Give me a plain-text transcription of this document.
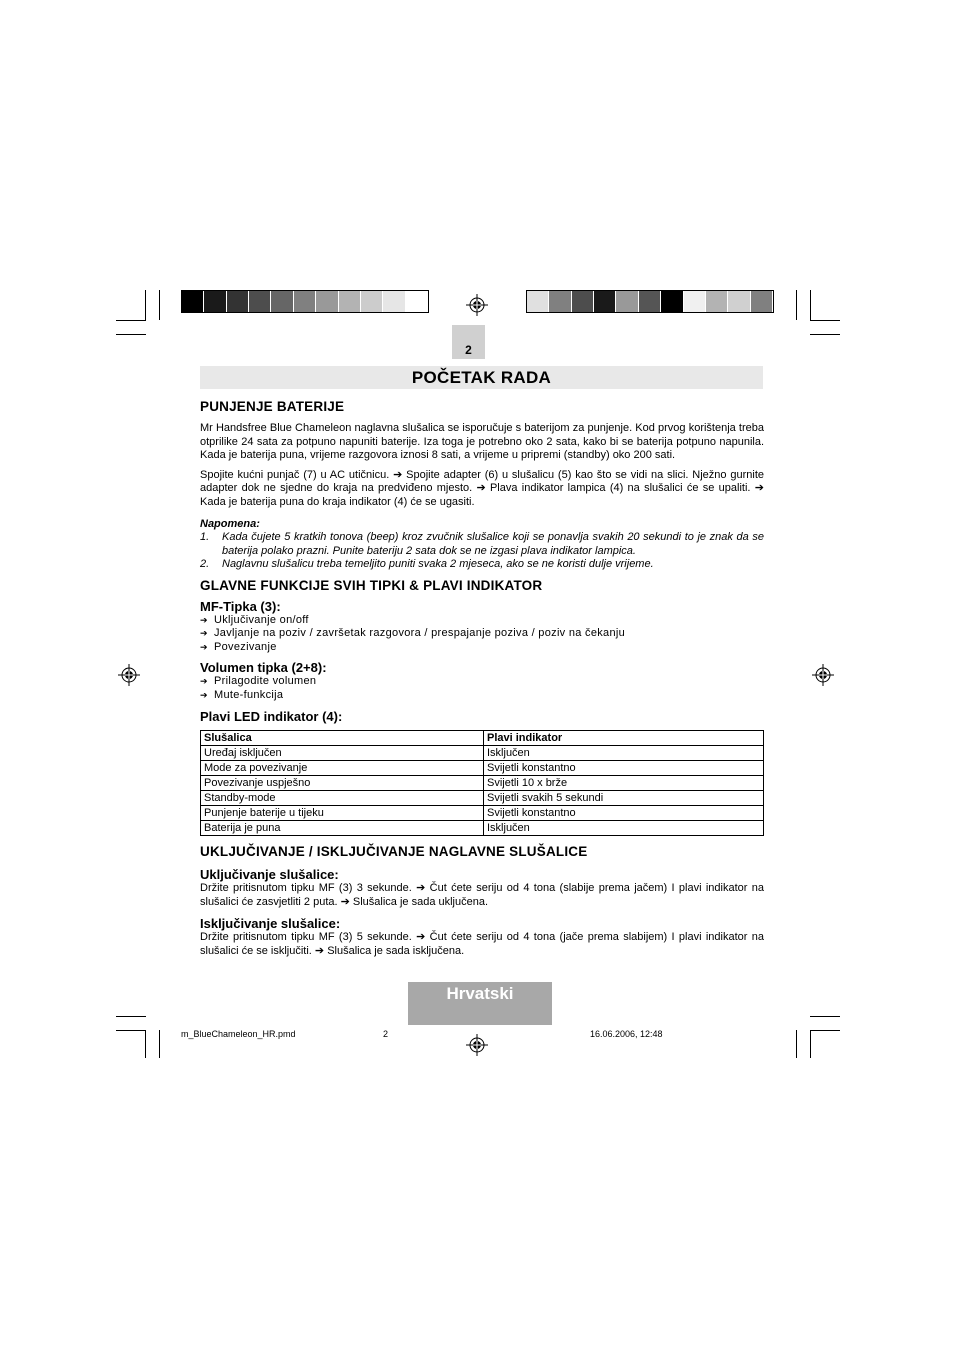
2
POČETAK RADA
PUNJENJE BATERIJE

Mr Handsfree Blue Chameleon naglavna slušalica se isporučuje s baterijom za punjenje. Kod prvog korištenja treba otprilike 24 sata za potpuno napuniti baterije. Iza toga je potrebno oko 2 sata, kako bi se baterija potpuno napunila. Kada je baterija puna, vrijeme razgovora iznosi 8 sati, a vrijeme u pripremi (standby) oko 200 sati.

Spojite kućni punjač (7) u AC utičnicu. ➔ Spojite adapter (6) u slušalicu (5) kao što se vidi na slici. Nježno gurnite adapter dok ne sjedne do kraja na predviđeno mjesto. ➔ Plava indikator lampica (4) na slušalici će se upaliti. ➔ Kada je baterija puna do kraja indikator (4) će se ugasiti.

Napomena:
1.	Kada čujete 5 kratkih tonova (beep) kroz zvučnik slušalice koji se ponavlja svakih 20 sekundi to je znak da se baterija polako prazni. Punite bateriju 2 sata dok se ne izgasi plava indikator lampica.
2.	Naglavnu slušalicu treba temeljito puniti svaka 2 mjeseca, ako se ne koristi dulje vrijeme.
GLAVNE FUNKCIJE SVIH TIPKI & PLAVI INDIKATOR
MF-Tipka (3):
➔ Uključivanje on/off
➔ Javljanje na poziv / završetak razgovora / prespajanje poziva / poziv na čekanju
➔ Povezivanje
Volumen tipka (2+8):
➔ Prilagodite volumen
➔ Mute-funkcija
Plavi LED indikator (4):
Slušalica	Plavi indikator
Uređaj isključen	Isključen
Mode za povezivanje	Svijetli konstantno
Povezivanje uspješno	Svijetli 10 x brže
Standby-mode	Svijetli svakih 5 sekundi
Punjenje baterije u tijeku	Svijetli konstantno
Baterija je puna	Isključen
UKLJUČIVANJE / ISKLJUČIVANJE NAGLAVNE SLUŠALICE
Uključivanje slušalice:

Držite pritisnutom tipku MF (3) 3 sekunde. ➔ Čut ćete seriju od 4 tona (slabije prema jačem) I plavi indikator na slušalici će zasvjetliti 2 puta. ➔ Slušalica je sada uključena.

Isključivanje slušalice:

Držite pritisnutom tipku MF (3) 5 sekunde. ➔ Čut ćete seriju od 4 tona (jače prema slabijem) I plavi indikator na slušalici će se isključiti. ➔ Slušalica je sada isključena.

Hrvatski
m_BlueChameleon_HR.pmd	2	16.06.2006, 12:48
